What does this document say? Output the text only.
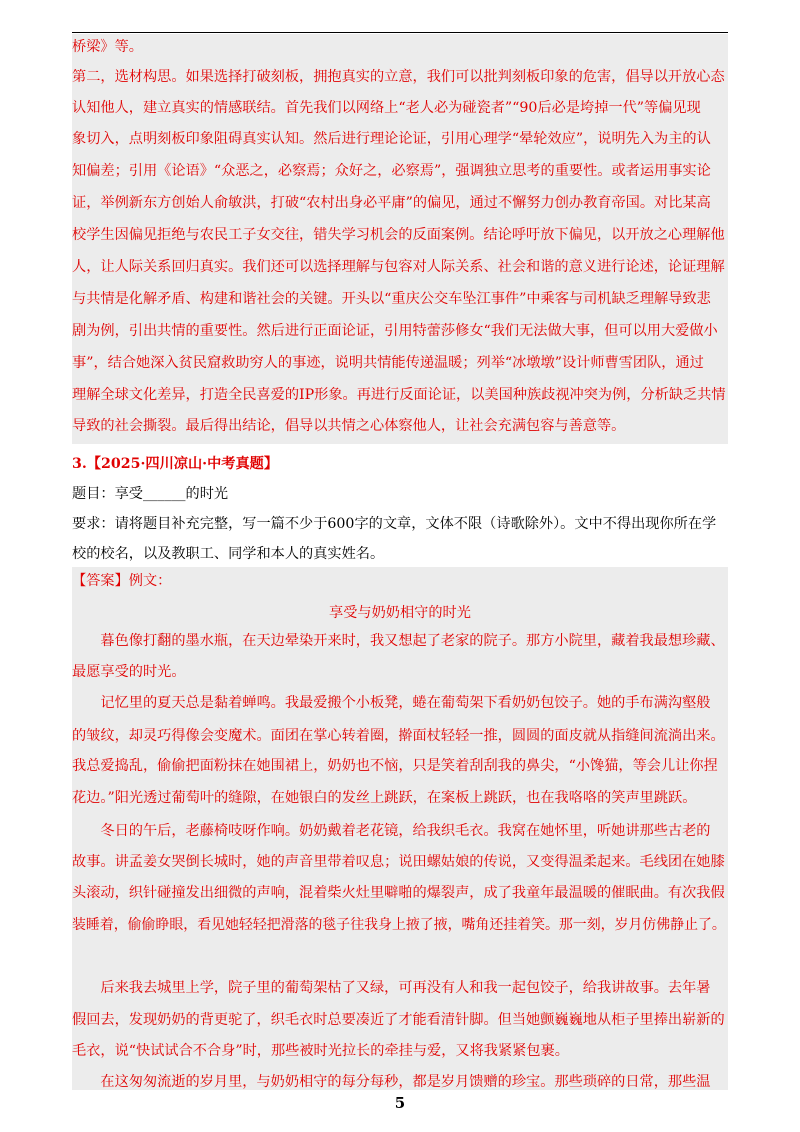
桥梁》等。
第二，选材构思。如果选择打破刻板，拥抱真实的立意，我们可以批判刻板印象的危害，倡导以开放心态
认知他人，建立真实的情感联结。首先我们以网络上“老人必为碰瓷者”“90后必是垮掉一代”等偏见现
象切入，点明刻板印象阻碍真实认知。然后进行理论论证，引用心理学“晕轮效应”，说明先入为主的认
知偏差；引用《论语》“众恶之，必察焉；众好之，必察焉”，强调独立思考的重要性。或者运用事实论
证，举例新东方创始人俞敏洪，打破“农村出身必平庸”的偏见，通过不懈努力创办教育帝国。对比某高
校学生因偏见拒绝与农民工子女交往，错失学习机会的反面案例。结论呼吁放下偏见，以开放之心理解他
人，让人际关系回归真实。我们还可以选择理解与包容对人际关系、社会和谐的意义进行论述，论证理解
与共情是化解矛盾、构建和谐社会的关键。开头以“重庆公交车坠江事件”中乘客与司机缺乏理解导致悲
剧为例，引出共情的重要性。然后进行正面论证，引用特蕾莎修女“我们无法做大事，但可以用大爱做小
事”，结合她深入贫民窟救助穷人的事迹，说明共情能传递温暖；列举“冰墩墩”设计师曹雪团队，通过
理解全球文化差异，打造全民喜爱的IP形象。再进行反面论证，以美国种族歧视冲突为例，分析缺乏共情
导致的社会撕裂。最后得出结论，倡导以共情之心体察他人，让社会充满包容与善意等。
3.【2025·四川凉山·中考真题】
题目：享受______的时光
要求：请将题目补充完整，写一篇不少于600字的文章，文体不限（诗歌除外）。文中不得出现你所在学
校的校名，以及教职工、同学和本人的真实姓名。
【答案】例文：
享受与奶奶相守的时光
　　暮色像打翻的墨水瓶，在天边晕染开来时，我又想起了老家的院子。那方小院里，藏着我最想珍藏、
最愿享受的时光。
　　记忆里的夏天总是黏着蝉鸣。我最爱搬个小板凳，蜷在葡萄架下看奶奶包饺子。她的手布满沟壑般
的皱纹，却灵巧得像会变魔术。面团在掌心转着圈，擀面杖轻轻一推，圆圆的面皮就从指缝间流淌出来。
我总爱捣乱，偷偷把面粉抹在她围裙上，奶奶也不恼，只是笑着刮刮我的鼻尖，“小馋猫，等会儿让你捏
花边。”阳光透过葡萄叶的缝隙，在她银白的发丝上跳跃，在案板上跳跃，也在我咯咯的笑声里跳跃。
　　冬日的午后，老藤椅吱呀作响。奶奶戴着老花镜，给我织毛衣。我窝在她怀里，听她讲那些古老的
故事。讲孟姜女哭倒长城时，她的声音里带着叹息；说田螺姑娘的传说，又变得温柔起来。毛线团在她膝
头滚动，织针碰撞发出细微的声响，混着柴火灶里噼啪的爆裂声，成了我童年最温暖的催眠曲。有次我假
装睡着，偷偷睁眼，看见她轻轻把滑落的毯子往我身上掖了掖，嘴角还挂着笑。那一刻，岁月仿佛静止了。
　　后来我去城里上学，院子里的葡萄架枯了又绿，可再没有人和我一起包饺子，给我讲故事。去年暑
假回去，发现奶奶的背更驼了，织毛衣时总要凑近了才能看清针脚。但当她颤巍巍地从柜子里捧出崭新的
毛衣，说“快试试合不合身”时，那些被时光拉长的牵挂与爱，又将我紧紧包裹。
　　在这匆匆流逝的岁月里，与奶奶相守的每分每秒，都是岁月馈赠的珍宝。那些琐碎的日常，那些温
5
